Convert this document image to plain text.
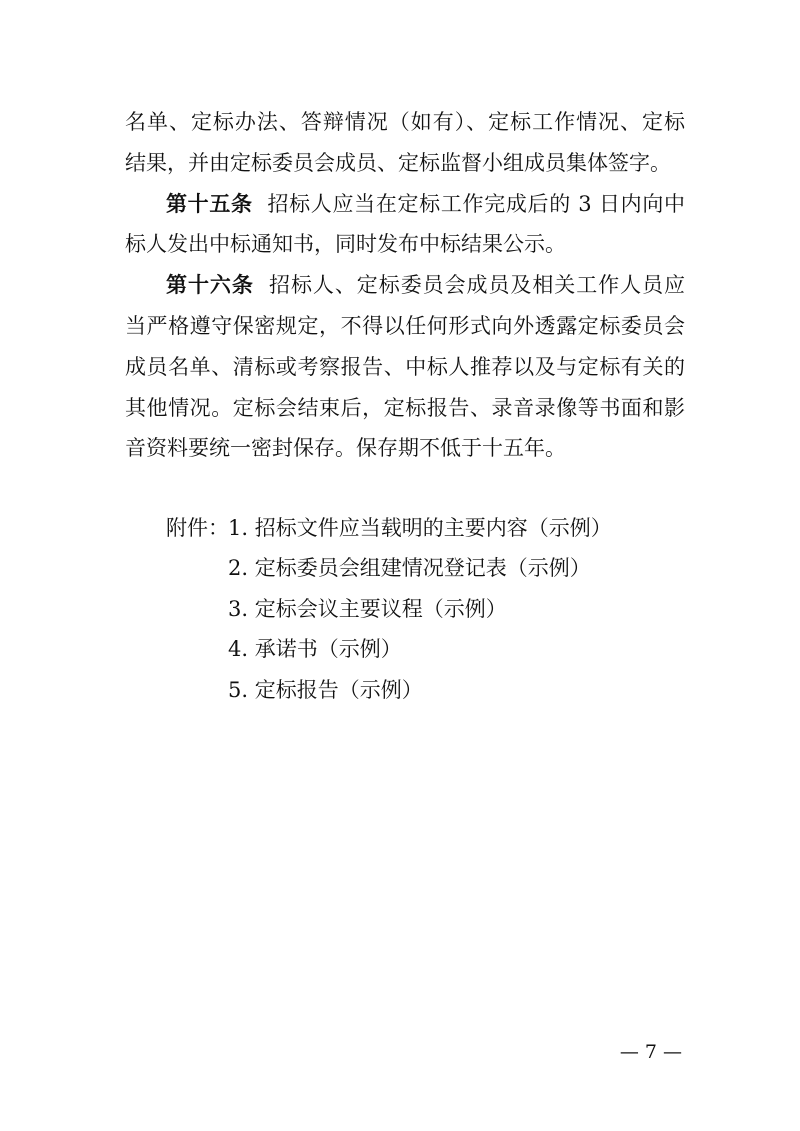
名单、定标办法、答辩情况（如有）、定标工作情况、定标
结果，并由定标委员会成员、定标监督小组成员集体签字。
第十五条 招标人应当在定标工作完成后的 3 日内向中
标人发出中标通知书，同时发布中标结果公示。
第十六条 招标人、定标委员会成员及相关工作人员应
当严格遵守保密规定，不得以任何形式向外透露定标委员会
成员名单、清标或考察报告、中标人推荐以及与定标有关的
其他情况。定标会结束后，定标报告、录音录像等书面和影
音资料要统一密封保存。保存期不低于十五年。
附件： 1. 招标文件应当载明的主要内容（示例）
2. 定标委员会组建情况登记表（示例）
3. 定标会议主要议程（示例）
4. 承诺书（示例）
5. 定标报告（示例）
— 7 —
